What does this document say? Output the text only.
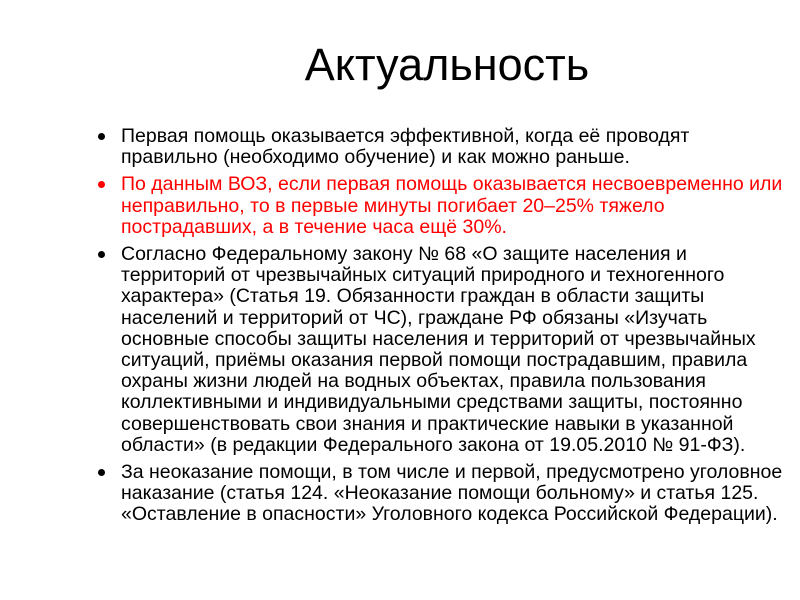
Актуальность
Первая помощь оказывается эффективной, когда её проводят правильно (необходимо обучение) и как можно раньше.
По данным ВОЗ, если первая помощь оказывается несвоевременно или неправильно, то в первые минуты погибает 20–25% тяжело пострадавших, а в течение часа ещё 30%.
Согласно Федеральному закону № 68 «О защите населения и территорий от чрезвычайных ситуаций природного и техногенного характера» (Статья 19. Обязанности граждан в области защиты населений и территорий от ЧС), граждане РФ обязаны «Изучать основные способы защиты населения и территорий от чрезвычайных ситуаций, приёмы оказания первой помощи пострадавшим, правила охраны жизни людей на водных объектах, правила пользования коллективными и индивидуальными средствами защиты, постоянно совершенствовать свои знания и практические навыки в указанной области» (в редакции Федерального закона от 19.05.2010 № 91-ФЗ).
За неоказание помощи, в том числе и первой, предусмотрено уголовное наказание (статья 124. «Неоказание помощи больному» и статья 125. «Оставление в опасности» Уголовного кодекса Российской Федерации).
